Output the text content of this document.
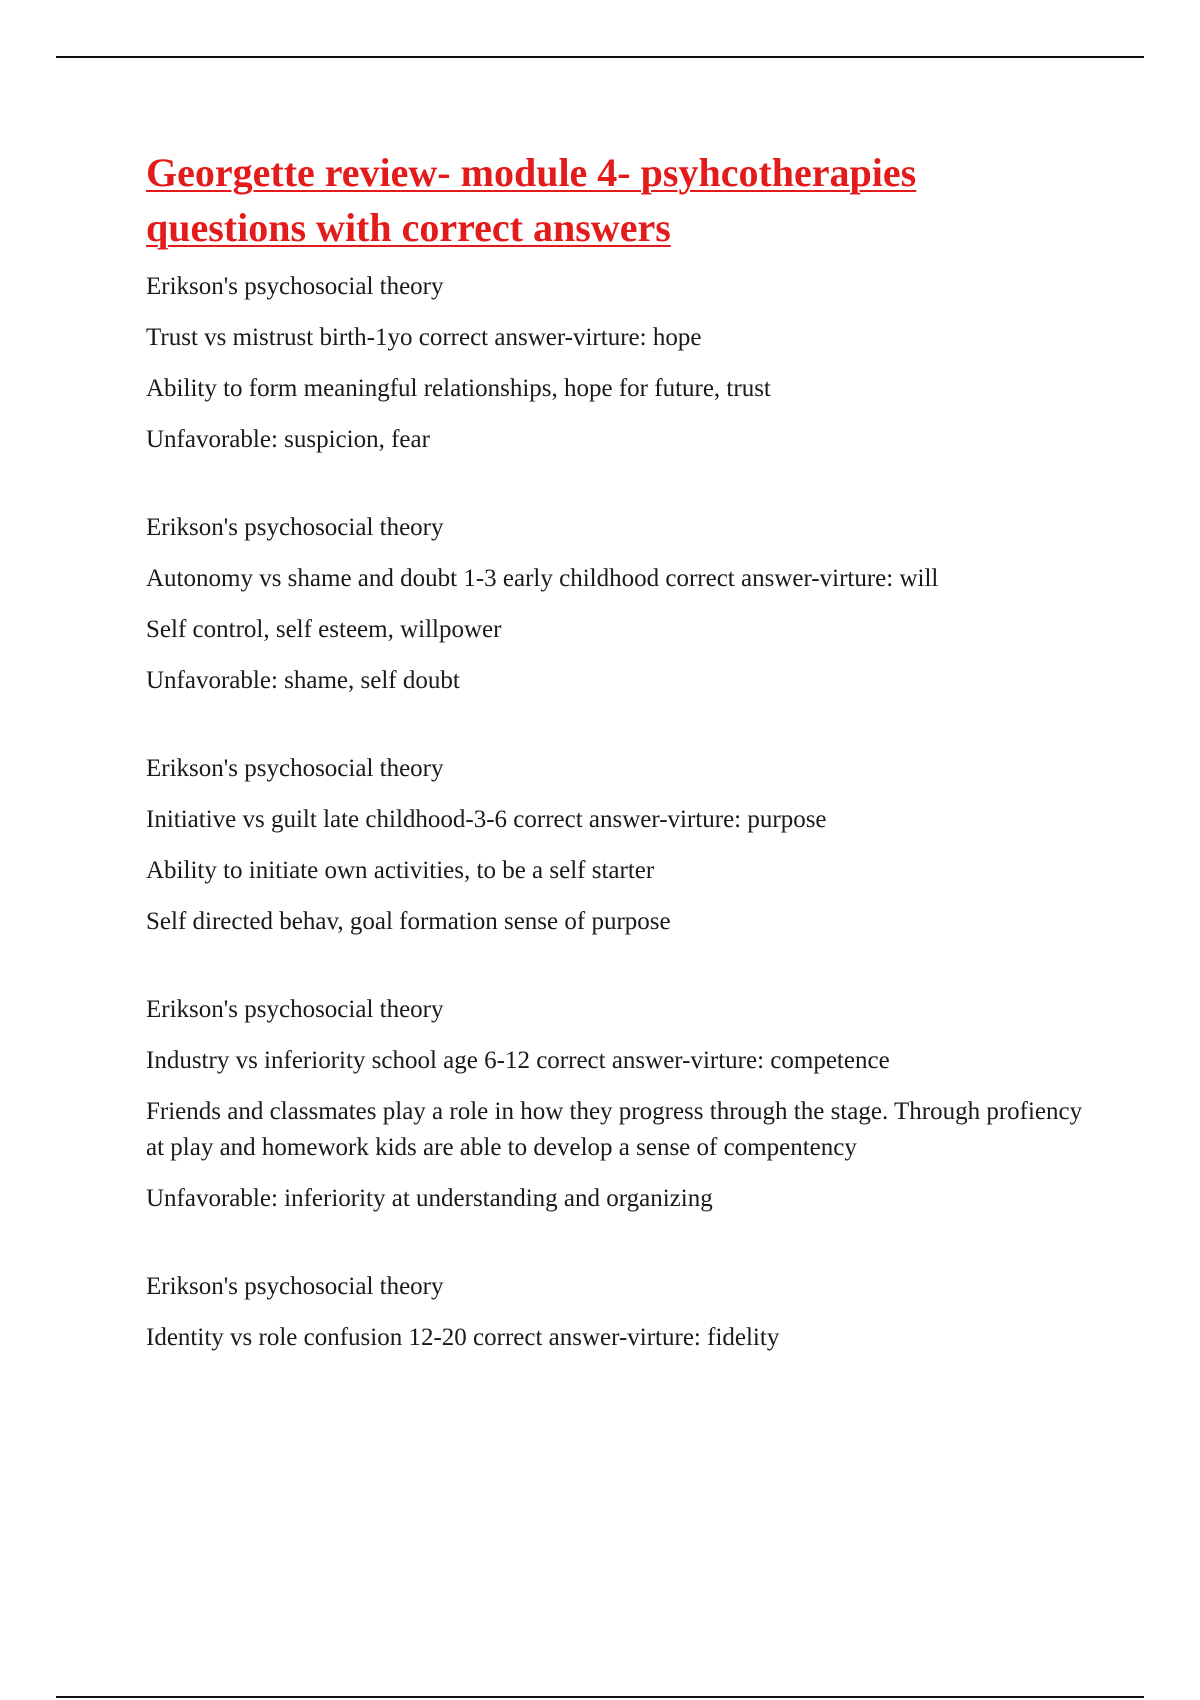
Georgette review- module 4- psyhcotherapies
questions with correct answers

Erikson's psychosocial theory

Trust vs mistrust birth-1yo correct answer-virture: hope

Ability to form meaningful relationships, hope for future, trust

Unfavorable: suspicion, fear

Erikson's psychosocial theory

Autonomy vs shame and doubt 1-3 early childhood correct answer-virture: will

Self control, self esteem, willpower

Unfavorable: shame, self doubt

Erikson's psychosocial theory

Initiative vs guilt late childhood-3-6 correct answer-virture: purpose

Ability to initiate own activities, to be a self starter

Self directed behav, goal formation sense of purpose

Erikson's psychosocial theory

Industry vs inferiority school age 6-12 correct answer-virture: competence

Friends and classmates play a role in how they progress through the stage. Through profiency at play and homework kids are able to develop a sense of compentency

Unfavorable: inferiority at understanding and organizing

Erikson's psychosocial theory

Identity vs role confusion 12-20 correct answer-virture: fidelity
